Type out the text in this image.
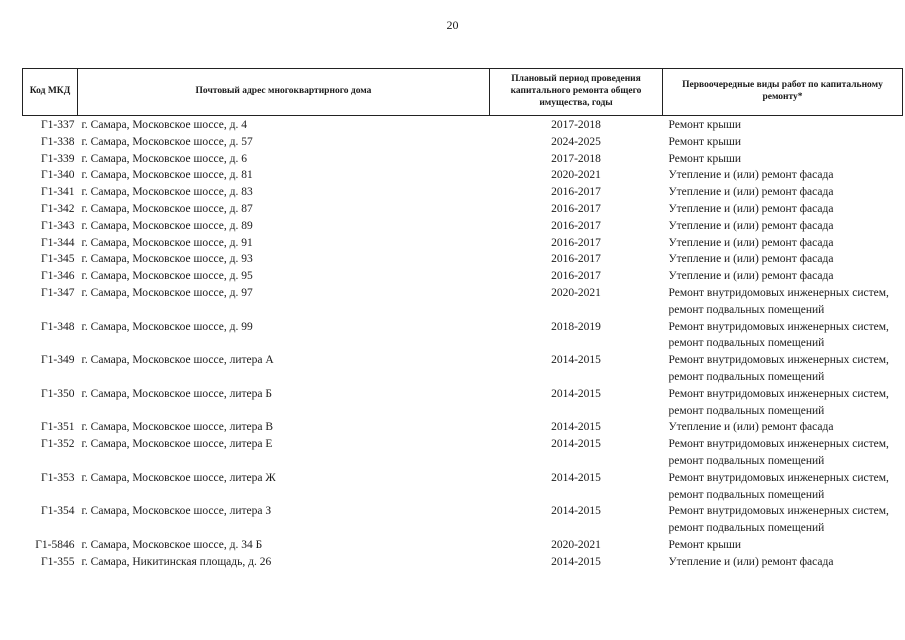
20
Код МКД	Почтовый адрес многоквартирного дома	Плановый период проведения капитального ремонта общего имущества, годы	Первоочередные виды работ по капитальному ремонту*
Г1-337	г. Самара, Московское шоссе, д. 4	2017-2018	Ремонт крыши

Г1-338	г. Самара, Московское шоссе, д. 57	2024-2025	Ремонт крыши

Г1-339	г. Самара, Московское шоссе, д. 6	2017-2018	Ремонт крыши

Г1-340	г. Самара, Московское шоссе, д. 81	2020-2021	Утепление и (или) ремонт фасада

Г1-341	г. Самара, Московское шоссе, д. 83	2016-2017	Утепление и (или) ремонт фасада

Г1-342	г. Самара, Московское шоссе, д. 87	2016-2017	Утепление и (или) ремонт фасада

Г1-343	г. Самара, Московское шоссе, д. 89	2016-2017	Утепление и (или) ремонт фасада

Г1-344	г. Самара, Московское шоссе, д. 91	2016-2017	Утепление и (или) ремонт фасада

Г1-345	г. Самара, Московское шоссе, д. 93	2016-2017	Утепление и (или) ремонт фасада

Г1-346	г. Самара, Московское шоссе, д. 95	2016-2017	Утепление и (или) ремонт фасада

Г1-347	г. Самара, Московское шоссе, д. 97	2020-2021	Ремонт внутридомовых инженерных систем,
ремонт подвальных помещений

Г1-348	г. Самара, Московское шоссе, д. 99	2018-2019	Ремонт внутридомовых инженерных систем,
ремонт подвальных помещений

Г1-349	г. Самара, Московское шоссе, литера А	2014-2015	Ремонт внутридомовых инженерных систем,
ремонт подвальных помещений

Г1-350	г. Самара, Московское шоссе, литера Б	2014-2015	Ремонт внутридомовых инженерных систем,
ремонт подвальных помещений

Г1-351	г. Самара, Московское шоссе, литера В	2014-2015	Утепление и (или) ремонт фасада

Г1-352	г. Самара, Московское шоссе, литера Е	2014-2015	Ремонт внутридомовых инженерных систем,
ремонт подвальных помещений

Г1-353	г. Самара, Московское шоссе, литера Ж	2014-2015	Ремонт внутридомовых инженерных систем,
ремонт подвальных помещений

Г1-354	г. Самара, Московское шоссе, литера З	2014-2015	Ремонт внутридомовых инженерных систем,
ремонт подвальных помещений

Г1-5846	г. Самара, Московское шоссе, д. 34 Б	2020-2021	Ремонт крыши

Г1-355	г. Самара, Никитинская площадь, д. 26	2014-2015	Утепление и (или) ремонт фасада
